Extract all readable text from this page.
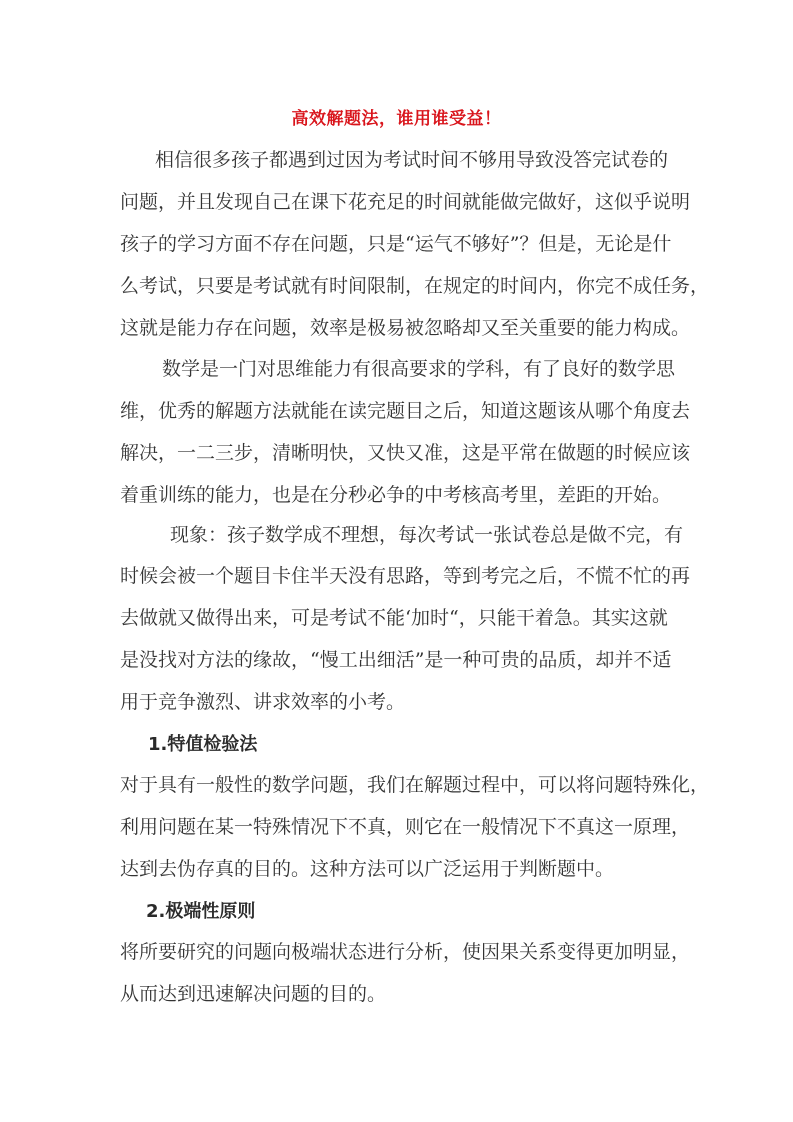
高效解题法，谁用谁受益！
相信很多孩子都遇到过因为考试时间不够用导致没答完试卷的
问题，并且发现自己在课下花充足的时间就能做完做好，这似乎说明
孩子的学习方面不存在问题，只是“运气不够好”？但是，无论是什
么考试，只要是考试就有时间限制，在规定的时间内，你完不成任务，
这就是能力存在问题，效率是极易被忽略却又至关重要的能力构成。
数学是一门对思维能力有很高要求的学科，有了良好的数学思
维，优秀的解题方法就能在读完题目之后，知道这题该从哪个角度去
解决，一二三步，清晰明快，又快又准，这是平常在做题的时候应该
着重训练的能力，也是在分秒必争的中考核高考里，差距的开始。
现象：孩子数学成不理想，每次考试一张试卷总是做不完，有
时候会被一个题目卡住半天没有思路，等到考完之后，不慌不忙的再
去做就又做得出来，可是考试不能‘加时“，只能干着急。其实这就
是没找对方法的缘故，“慢工出细活”是一种可贵的品质，却并不适
用于竞争激烈、讲求效率的小考。
1.特值检验法
对于具有一般性的数学问题，我们在解题过程中，可以将问题特殊化，
利用问题在某一特殊情况下不真，则它在一般情况下不真这一原理，
达到去伪存真的目的。这种方法可以广泛运用于判断题中。
2.极端性原则
将所要研究的问题向极端状态进行分析，使因果关系变得更加明显，
从而达到迅速解决问题的目的。
